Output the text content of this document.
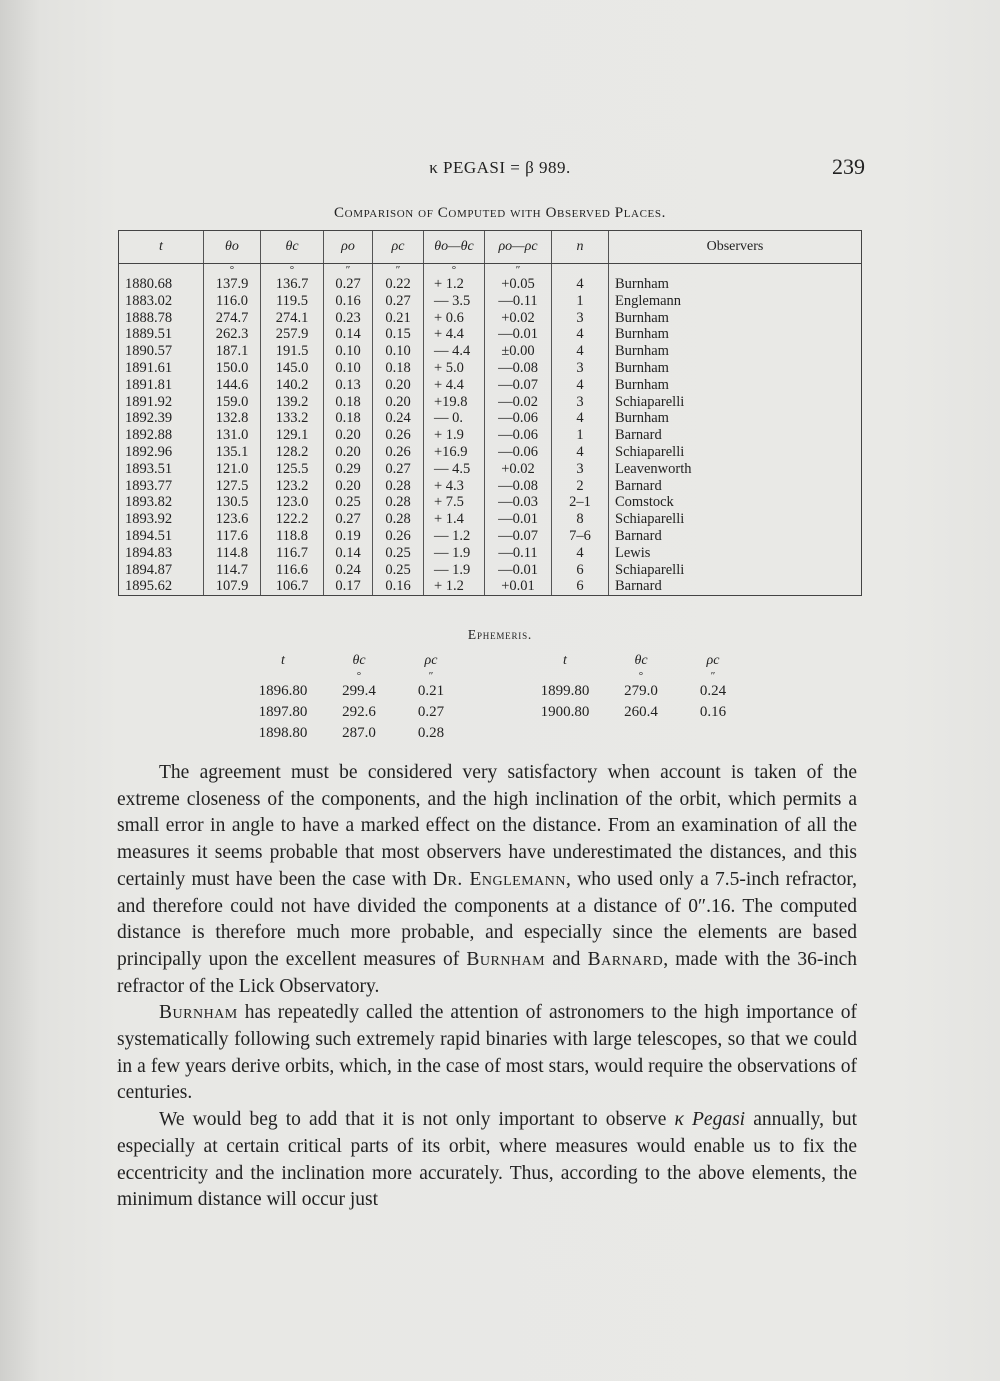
κ PEGASI = β 989.	239
Comparison of Computed with Observed Places.
t	θo	θc	ρo	ρc	θo—θc	ρo—ρc	n	Observers
	°	°	″	″	°	″		
1880.68	137.9	136.7	0.27	0.22	+ 1.2	+0.05	4	Burnham
1883.02	116.0	119.5	0.16	0.27	— 3.5	—0.11	1	Englemann
1888.78	274.7	274.1	0.23	0.21	+ 0.6	+0.02	3	Burnham
1889.51	262.3	257.9	0.14	0.15	+ 4.4	—0.01	4	Burnham
1890.57	187.1	191.5	0.10	0.10	— 4.4	±0.00	4	Burnham
1891.61	150.0	145.0	0.10	0.18	+ 5.0	—0.08	3	Burnham
1891.81	144.6	140.2	0.13	0.20	+ 4.4	—0.07	4	Burnham
1891.92	159.0	139.2	0.18	0.20	+19.8	—0.02	3	Schiaparelli
1892.39	132.8	133.2	0.18	0.24	— 0.	—0.06	4	Burnham
1892.88	131.0	129.1	0.20	0.26	+ 1.9	—0.06	1	Barnard
1892.96	135.1	128.2	0.20	0.26	+16.9	—0.06	4	Schiaparelli
1893.51	121.0	125.5	0.29	0.27	— 4.5	+0.02	3	Leavenworth
1893.77	127.5	123.2	0.20	0.28	+ 4.3	—0.08	2	Barnard
1893.82	130.5	123.0	0.25	0.28	+ 7.5	—0.03	2–1	Comstock
1893.92	123.6	122.2	0.27	0.28	+ 1.4	—0.01	8	Schiaparelli
1894.51	117.6	118.8	0.19	0.26	— 1.2	—0.07	7–6	Barnard
1894.83	114.8	116.7	0.14	0.25	— 1.9	—0.11	4	Lewis
1894.87	114.7	116.6	0.24	0.25	— 1.9	—0.01	6	Schiaparelli
1895.62	107.9	106.7	0.17	0.16	+ 1.2	+0.01	6	Barnard
Ephemeris.
t	θc	ρc
	°	″
1896.80	299.4	0.21
1897.80	292.6	0.27
1898.80	287.0	0.28
t	θc	ρc
	°	″
1899.80	279.0	0.24
1900.80	260.4	0.16

The agreement must be considered very satisfactory when account is taken of the extreme closeness of the components, and the high inclination of the orbit, which permits a small error in angle to have a marked effect on the distance. From an examination of all the measures it seems probable that most observers have underestimated the distances, and this certainly must have been the case with Dr. Englemann, who used only a 7.5-inch refractor, and therefore could not have divided the components at a distance of 0″.16. The computed distance is therefore much more probable, and especially since the elements are based principally upon the excellent measures of Burnham and Barnard, made with the 36-inch refractor of the Lick Observatory.

Burnham has repeatedly called the attention of astronomers to the high importance of systematically following such extremely rapid binaries with large telescopes, so that we could in a few years derive orbits, which, in the case of most stars, would require the observations of centuries.

We would beg to add that it is not only important to observe κ Pegasi annually, but especially at certain critical parts of its orbit, where measures would enable us to fix the eccentricity and the inclination more accurately. Thus, according to the above elements, the minimum distance will occur just
